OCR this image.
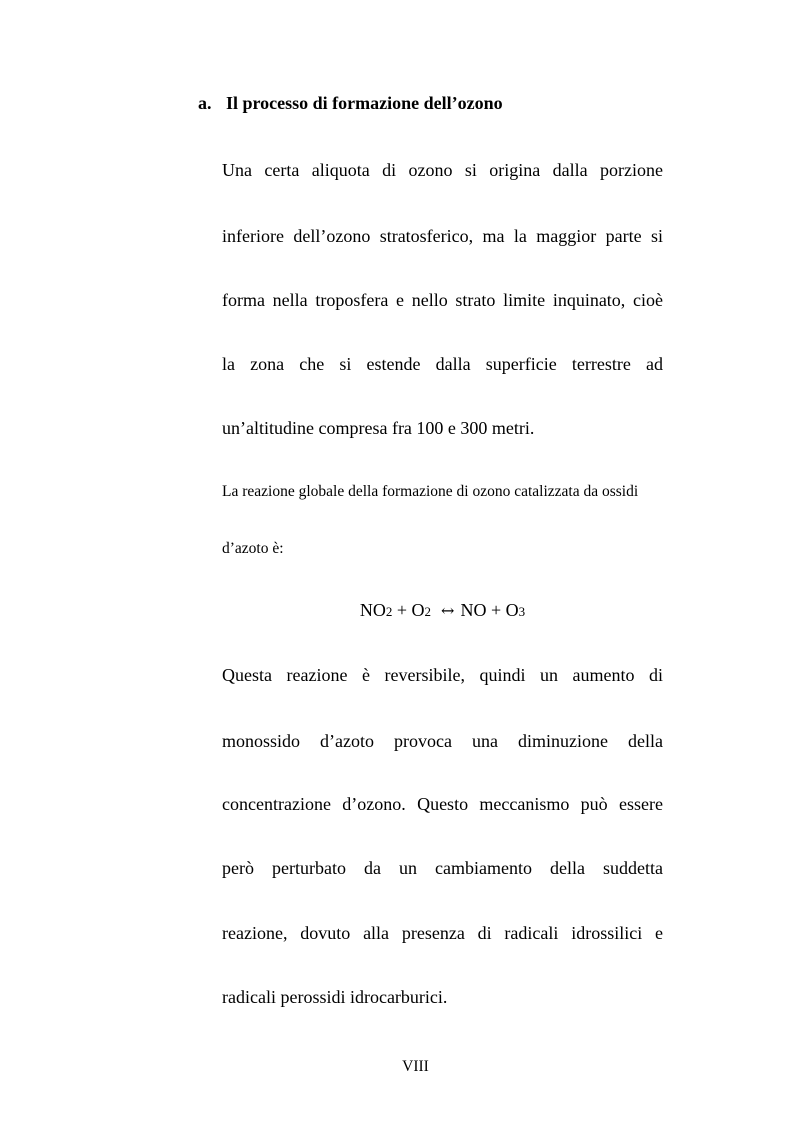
a. Il processo di formazione dell’ozono
Una certa aliquota di ozono si origina dalla porzione
inferiore dell’ozono stratosferico, ma la maggior parte si
forma nella troposfera e nello strato limite inquinato, cioè
la zona che si estende dalla superficie terrestre ad
un’altitudine compresa fra 100 e 300 metri.
La reazione globale della formazione di ozono catalizzata da ossidi
d’azoto è:
NO2 + O2 ↔ NO + O3
Questa reazione è reversibile, quindi un aumento di
monossido d’azoto provoca una diminuzione della
concentrazione d’ozono. Questo meccanismo può essere
però perturbato da un cambiamento della suddetta
reazione, dovuto alla presenza di radicali idrossilici e
radicali perossidi idrocarburici.
VIII
